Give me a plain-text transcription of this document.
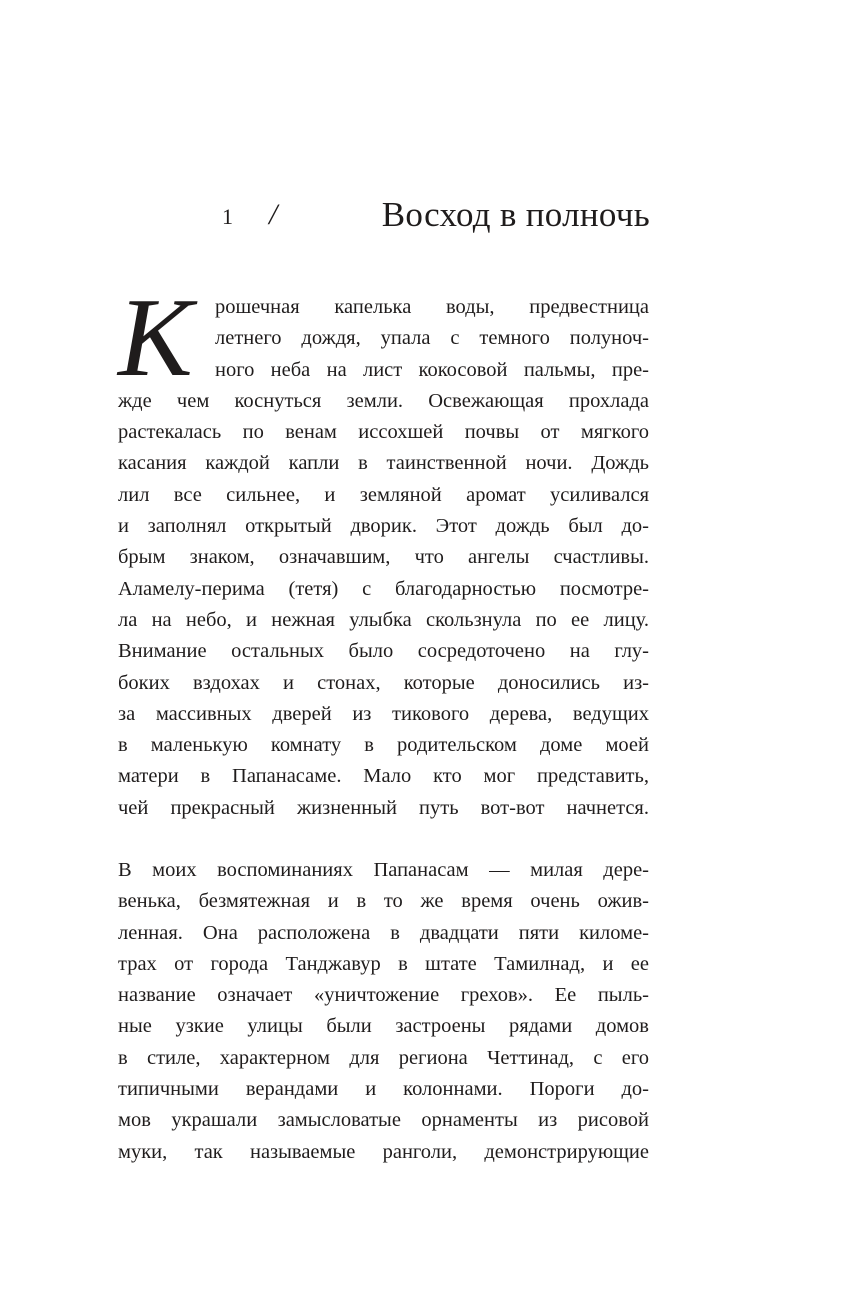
1 /	Восход в полночь
К	рошечная капелька воды, предвестница
летнего дождя, упала с темного полуноч-
ного неба на лист кокосовой пальмы, пре-
жде чем коснуться земли. Освежающая прохлада
растекалась по венам иссохшей почвы от мягкого
касания каждой капли в таинственной ночи. Дождь
лил все сильнее, и земляной аромат усиливался
и заполнял открытый дворик. Этот дождь был до-
брым знаком, означавшим, что ангелы счастливы.
Аламелу-перима (тетя) с благодарностью посмотре-
ла на небо, и нежная улыбка скользнула по ее лицу.
Внимание остальных было сосредоточено на глу-
боких вздохах и стонах, которые доносились из-
за массивных дверей из тикового дерева, ведущих
в маленькую комнату в родительском доме моей
матери в Папанасаме. Мало кто мог представить,
чей прекрасный жизненный путь вот-вот начнется.
В моих воспоминаниях Папанасам — милая дере-
венька, безмятежная и в то же время очень ожив-
ленная. Она расположена в двадцати пяти киломе-
трах от города Танджавур в штате Тамилнад, и ее
название означает «уничтожение грехов». Ее пыль-
ные узкие улицы были застроены рядами домов
в стиле, характерном для региона Четтинад, с его
типичными верандами и колоннами. Пороги до-
мов украшали замысловатые орнаменты из рисовой
муки, так называемые ранголи, демонстрирующие
